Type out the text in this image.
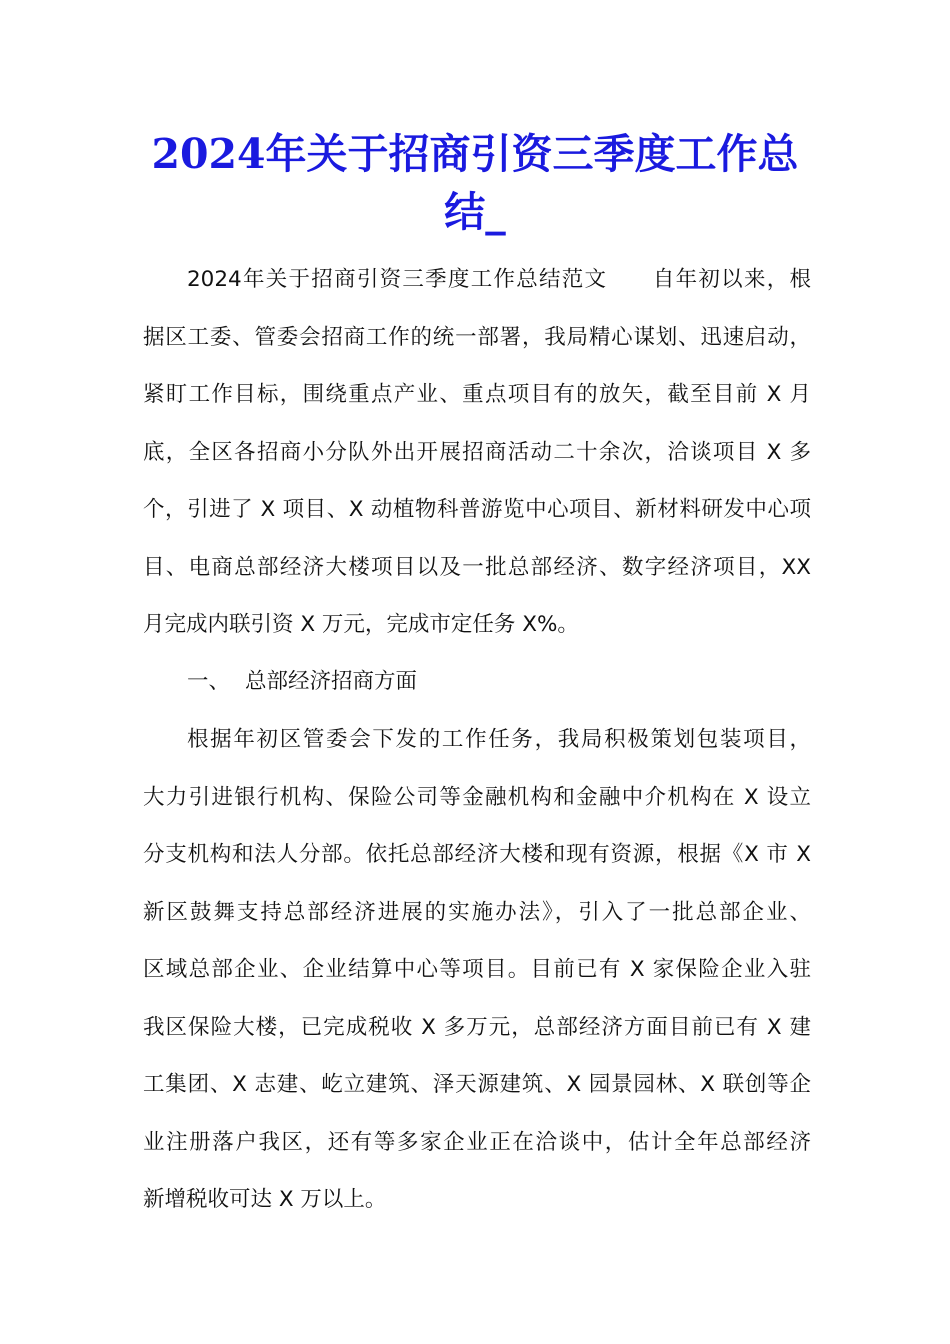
2024年关于招商引资三季度工作总
结_
2024年关于招商引资三季度工作总结范文　　自年初以来，根
据区工委、管委会招商工作的统一部署，我局精心谋划、迅速启动，
紧盯工作目标，围绕重点产业、重点项目有的放矢，截至目前 X 月
底，全区各招商小分队外出开展招商活动二十余次，洽谈项目 X 多
个，引进了 X 项目、X 动植物科普游览中心项目、新材料研发中心项
目、电商总部经济大楼项目以及一批总部经济、数字经济项目，XX
月完成内联引资 X 万元，完成市定任务 X%。
一、 总部经济招商方面
根据年初区管委会下发的工作任务，我局积极策划包装项目，
大力引进银行机构、保险公司等金融机构和金融中介机构在 X 设立
分支机构和法人分部。依托总部经济大楼和现有资源，根据《X 市 X
新区鼓舞支持总部经济进展的实施办法》，引入了一批总部企业、
区域总部企业、企业结算中心等项目。目前已有 X 家保险企业入驻
我区保险大楼，已完成税收 X 多万元，总部经济方面目前已有 X 建
工集团、X 志建、屹立建筑、泽天源建筑、X 园景园林、X 联创等企
业注册落户我区，还有等多家企业正在洽谈中，估计全年总部经济
新增税收可达 X 万以上。
